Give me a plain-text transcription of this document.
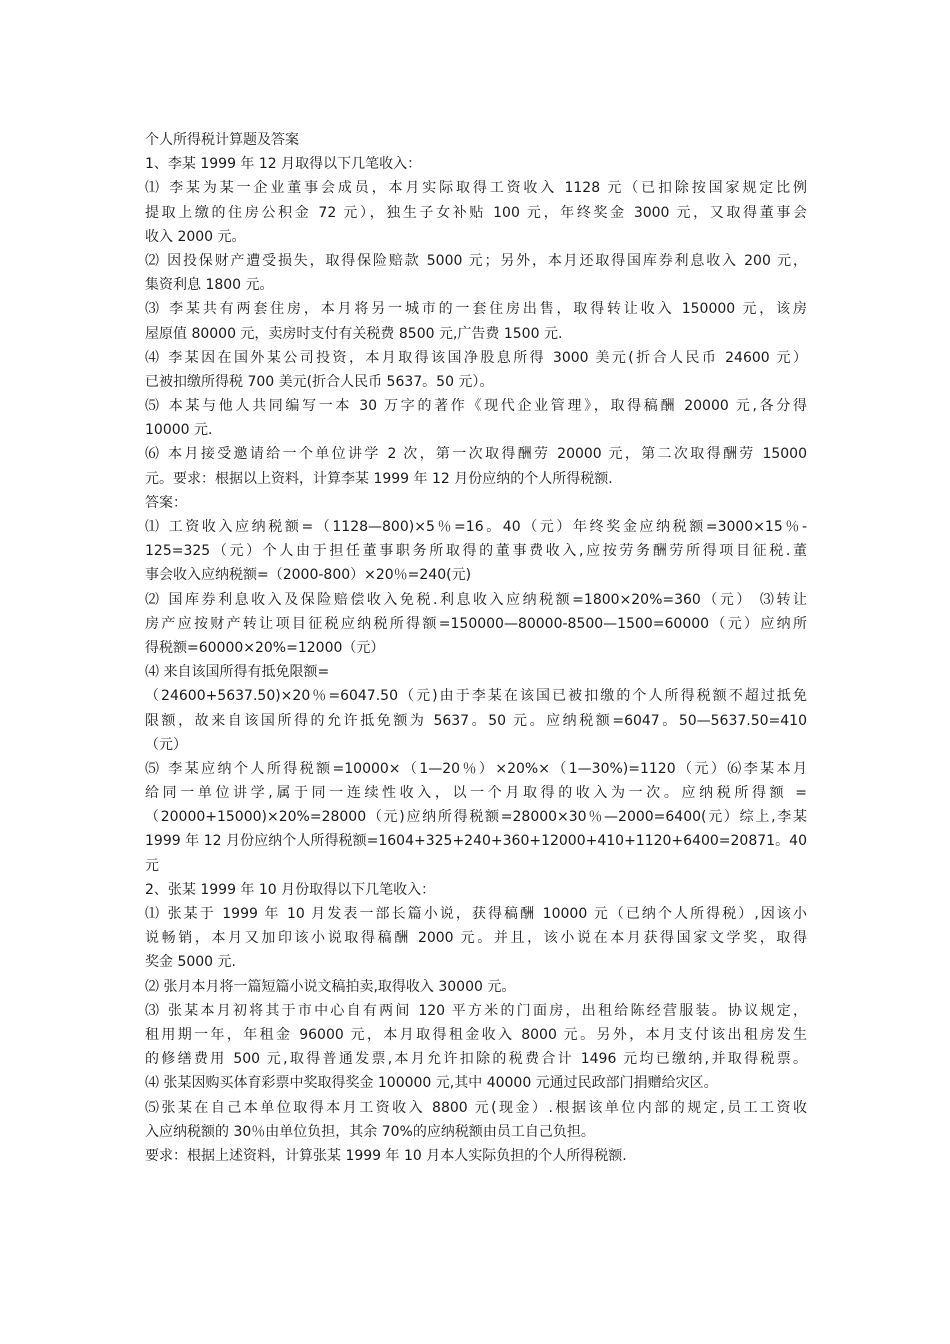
个人所得税计算题及答案
1、李某 1999 年 12 月取得以下几笔收入：
⑴ 李某为某一企业董事会成员，本月实际取得工资收入 1128 元（已扣除按国家规定比例
提取上缴的住房公积金 72 元），独生子女补贴 100 元，年终奖金 3000 元，又取得董事会
收入 2000 元。
⑵ 因投保财产遭受损失，取得保险赔款 5000 元；另外，本月还取得国库券利息收入 200 元，
集资利息 1800 元。
⑶ 李某共有两套住房，本月将另一城市的一套住房出售，取得转让收入 150000 元，该房
屋原值 80000 元，卖房时支付有关税费 8500 元,广告费 1500 元.
⑷ 李某因在国外某公司投资，本月取得该国净股息所得 3000 美元(折合人民币 24600 元）
已被扣缴所得税 700 美元(折合人民币 5637。50 元）。
⑸ 本某与他人共同编写一本 30 万字的著作《现代企业管理》，取得稿酬 20000 元,各分得
10000 元.
⑹ 本月接受邀请给一个单位讲学 2 次，第一次取得酬劳 20000 元，第二次取得酬劳 15000
元。要求：根据以上资料，计算李某 1999 年 12 月份应纳的个人所得税额.
答案：
⑴ 工资收入应纳税额=（1128—800)×5％=16。40（元）年终奖金应纳税额=3000×15％-
125=325（元）个人由于担任董事职务所取得的董事费收入,应按劳务酬劳所得项目征税.董
事会收入应纳税额=（2000-800）×20％=240(元)
⑵ 国库券利息收入及保险赔偿收入免税.利息收入应纳税额=1800×20%=360（元） ⑶转让
房产应按财产转让项目征税应纳税所得额=150000—80000-8500—1500=60000（元）应纳所
得税额=60000×20%=12000（元）
⑷ 来自该国所得有抵免限额=
（24600+5637.50)×20％=6047.50（元)由于李某在该国已被扣缴的个人所得税额不超过抵免
限额，故来自该国所得的允许抵免额为 5637。50 元。应纳税额=6047。50—5637.50=410
（元）
⑸ 李某应纳个人所得税额=10000×（1—20％）×20%×（1—30%)=1120（元）⑹李某本月
给同一单位讲学,属于同一连续性收入，以一个月取得的收入为一次。应纳税所得额 =
（20000+15000)×20%=28000（元)应纳所得税额=28000×30％—2000=6400(元）综上,李某
1999 年 12 月份应纳个人所得税额=1604+325+240+360+12000+410+1120+6400=20871。40
元
2、张某 1999 年 10 月份取得以下几笔收入：
⑴ 张某于 1999 年 10 月发表一部长篇小说，获得稿酬 10000 元（已纳个人所得税）,因该小
说畅销，本月又加印该小说取得稿酬 2000 元。并且，该小说在本月获得国家文学奖，取得
奖金 5000 元.
⑵ 张月本月将一篇短篇小说文稿拍卖,取得收入 30000 元。
⑶ 张某本月初将其于市中心自有两间 120 平方米的门面房，出租给陈经营服装。协议规定，
租用期一年，年租金 96000 元，本月取得租金收入 8000 元。另外，本月支付该出租房发生
的修缮费用 500 元,取得普通发票,本月允许扣除的税费合计 1496 元均已缴纳,并取得税票。
⑷ 张某因购买体育彩票中奖取得奖金 100000 元,其中 40000 元通过民政部门捐赠给灾区。
⑸张某在自己本单位取得本月工资收入 8800 元(现金）.根据该单位内部的规定,员工工资收
入应纳税额的 30％由单位负担，其余 70%的应纳税额由员工自己负担。
要求：根据上述资料，计算张某 1999 年 10 月本人实际负担的个人所得税额.
